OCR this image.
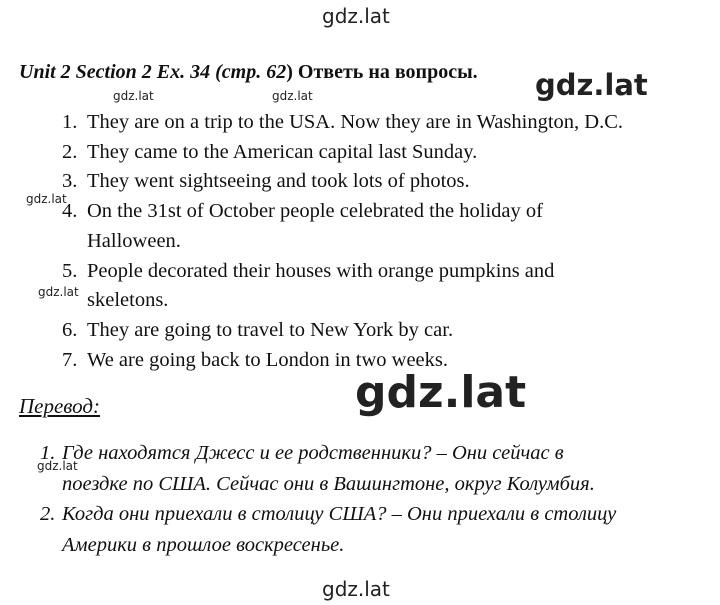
gdz.lat
Unit 2 Section 2 Ex. 34 (стр. 62) Ответь на вопросы. gdz.lat
gdz.lat	gdz.lat
1. They are on a trip to the USA. Now they are in Washington, D.C.
2. They came to the American capital last Sunday.
3. They went sightseeing and took lots of photos.
4. On the 31st of October people celebrated the holiday of
Halloween.
5. People decorated their houses with orange pumpkins and
skeletons.
6. They are going to travel to New York by car.
7. We are going back to London in two weeks.
gdz.lat
gdz.lat
Перевод:	gdz.lat
1. Где находятся Джесс и ее родственники? – Они сейчас в
поездке по США. Сейчас они в Вашингтоне, округ Колумбия.
2. Когда они приехали в столицу США? – Они приехали в столицу
Америки в прошлое воскресенье.
gdz.lat
gdz.lat
